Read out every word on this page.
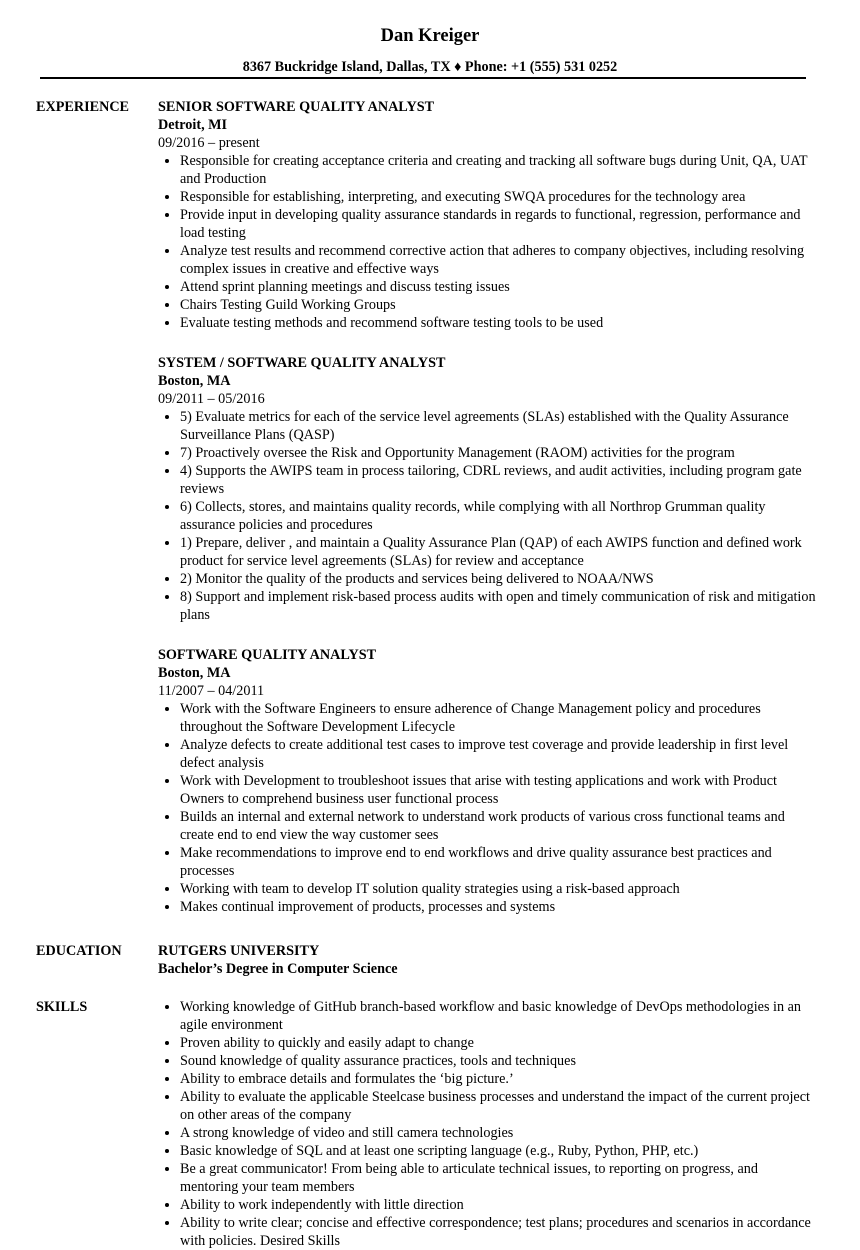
Dan Kreiger
8367 Buckridge Island, Dallas, TX ♦ Phone: +1 (555) 531 0252
EXPERIENCE SENIOR SOFTWARE QUALITY ANALYST
Detroit, MI
09/2016 – present
• Responsible for creating acceptance criteria and creating and tracking all software bugs during Unit, QA, UAT and Production
• Responsible for establishing, interpreting, and executing SWQA procedures for the technology area
• Provide input in developing quality assurance standards in regards to functional, regression, performance and load testing
• Analyze test results and recommend corrective action that adheres to company objectives, including resolving complex issues in creative and effective ways
• Attend sprint planning meetings and discuss testing issues
• Chairs Testing Guild Working Groups
• Evaluate testing methods and recommend software testing tools to be used
SYSTEM / SOFTWARE QUALITY ANALYST
Boston, MA
09/2011 – 05/2016
• 5) Evaluate metrics for each of the service level agreements (SLAs) established with the Quality Assurance Surveillance Plans (QASP)
• 7) Proactively oversee the Risk and Opportunity Management (RAOM) activities for the program
• 4) Supports the AWIPS team in process tailoring, CDRL reviews, and audit activities, including program gate reviews
• 6) Collects, stores, and maintains quality records, while complying with all Northrop Grumman quality assurance policies and procedures
• 1) Prepare, deliver , and maintain a Quality Assurance Plan (QAP) of each AWIPS function and defined work product for service level agreements (SLAs) for review and acceptance
• 2) Monitor the quality of the products and services being delivered to NOAA/NWS
• 8) Support and implement risk-based process audits with open and timely communication of risk and mitigation plans
SOFTWARE QUALITY ANALYST
Boston, MA
11/2007 – 04/2011
• Work with the Software Engineers to ensure adherence of Change Management policy and procedures throughout the Software Development Lifecycle
• Analyze defects to create additional test cases to improve test coverage and provide leadership in first level defect analysis
• Work with Development to troubleshoot issues that arise with testing applications and work with Product Owners to comprehend business user functional process
• Builds an internal and external network to understand work products of various cross functional teams and create end to end view the way customer sees
• Make recommendations to improve end to end workflows and drive quality assurance best practices and processes
• Working with team to develop IT solution quality strategies using a risk-based approach
• Makes continual improvement of products, processes and systems
EDUCATION	RUTGERS UNIVERSITY
Bachelor’s Degree in Computer Science
SKILLS
•	Working knowledge of GitHub branch-based workflow and basic knowledge of DevOps methodologies in an agile environment
• Proven ability to quickly and easily adapt to change
• Sound knowledge of quality assurance practices, tools and techniques
• Ability to embrace details and formulates the ‘big picture.’
• Ability to evaluate the applicable Steelcase business processes and understand the impact of the current project on other areas of the company
• A strong knowledge of video and still camera technologies
• Basic knowledge of SQL and at least one scripting language (e.g., Ruby, Python, PHP, etc.)
• Be a great communicator! From being able to articulate technical issues, to reporting on progress, and mentoring your team members
• Ability to work independently with little direction
• Ability to write clear; concise and effective correspondence; test plans; procedures and scenarios in accordance with policies. Desired Skills
